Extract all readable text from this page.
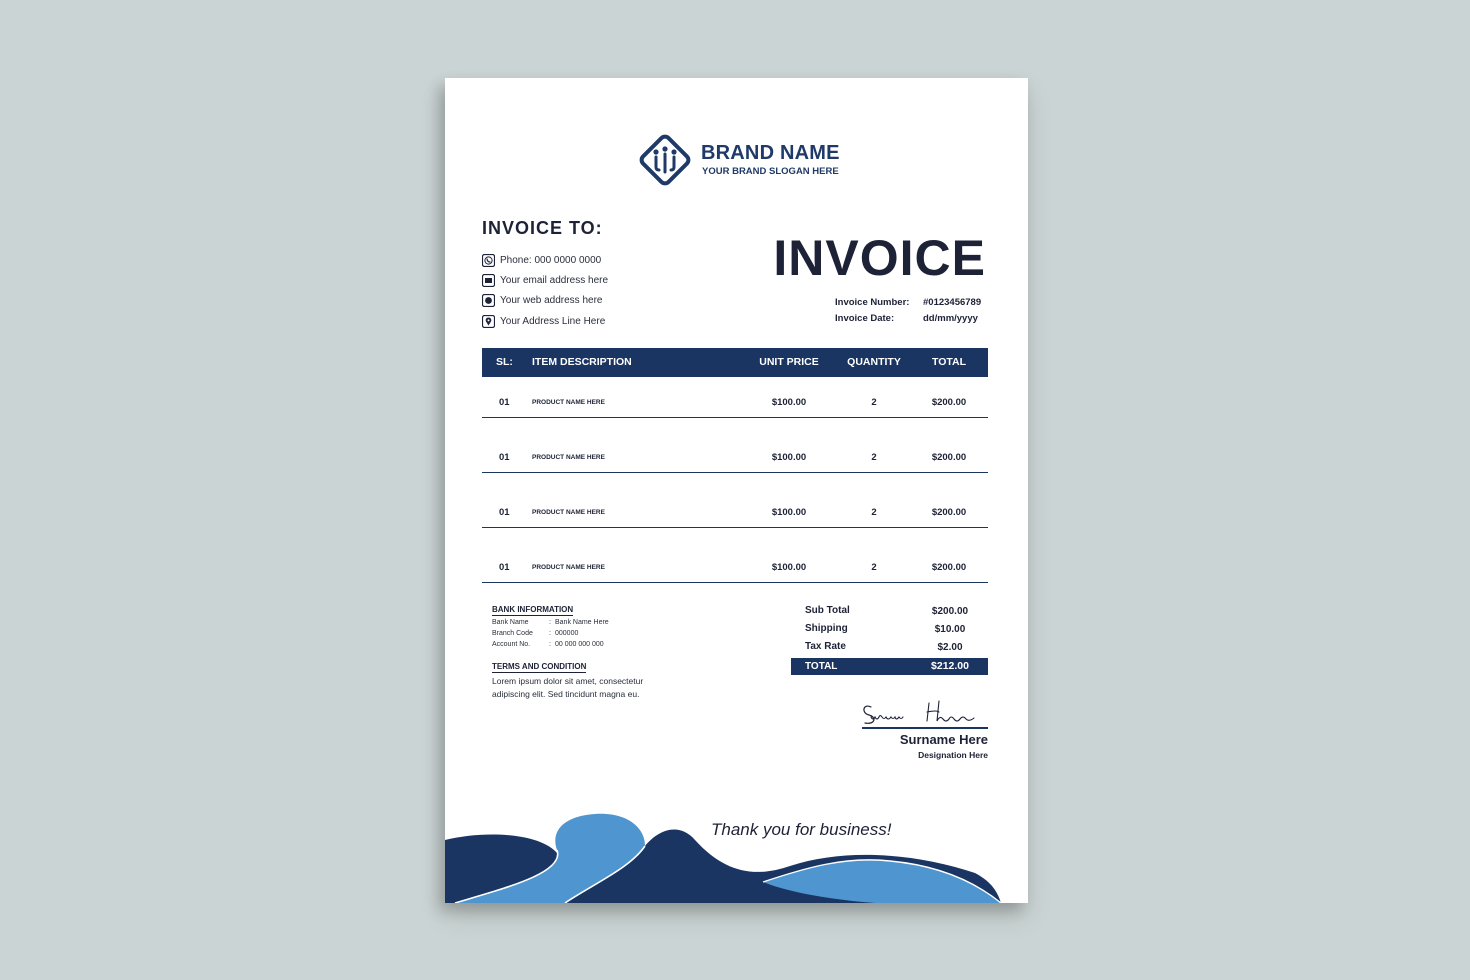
BRAND NAME
YOUR BRAND SLOGAN HERE
INVOICE TO:
Phone: 000 0000 0000
Your email address here
Your web address here
Your Address Line Here
INVOICE
Invoice Number: #0123456789
Invoice Date:	dd/mm/yyyy
SL: ITEM DESCRIPTION	UNIT PRICE	QUANTITY	TOTAL
01	PRODUCT NAME HERE	$100.00	2	$200.00
01	PRODUCT NAME HERE	$100.00	2	$200.00
01	PRODUCT NAME HERE	$100.00	2	$200.00
01	PRODUCT NAME HERE	$100.00	2	$200.00
BANK INFORMATION
Bank Name	: Bank Name Here
Branch Code : 000000
Account No.	: 00 000 000 000
TERMS AND CONDITION
Lorem ipsum dolor sit amet, consectetur adipiscing elit. Sed tincidunt magna eu.
Sub Total	$200.00
Shipping	$10.00
Tax Rate	$2.00
TOTAL	$212.00
Surname Here
Designation Here
Thank you for business!
